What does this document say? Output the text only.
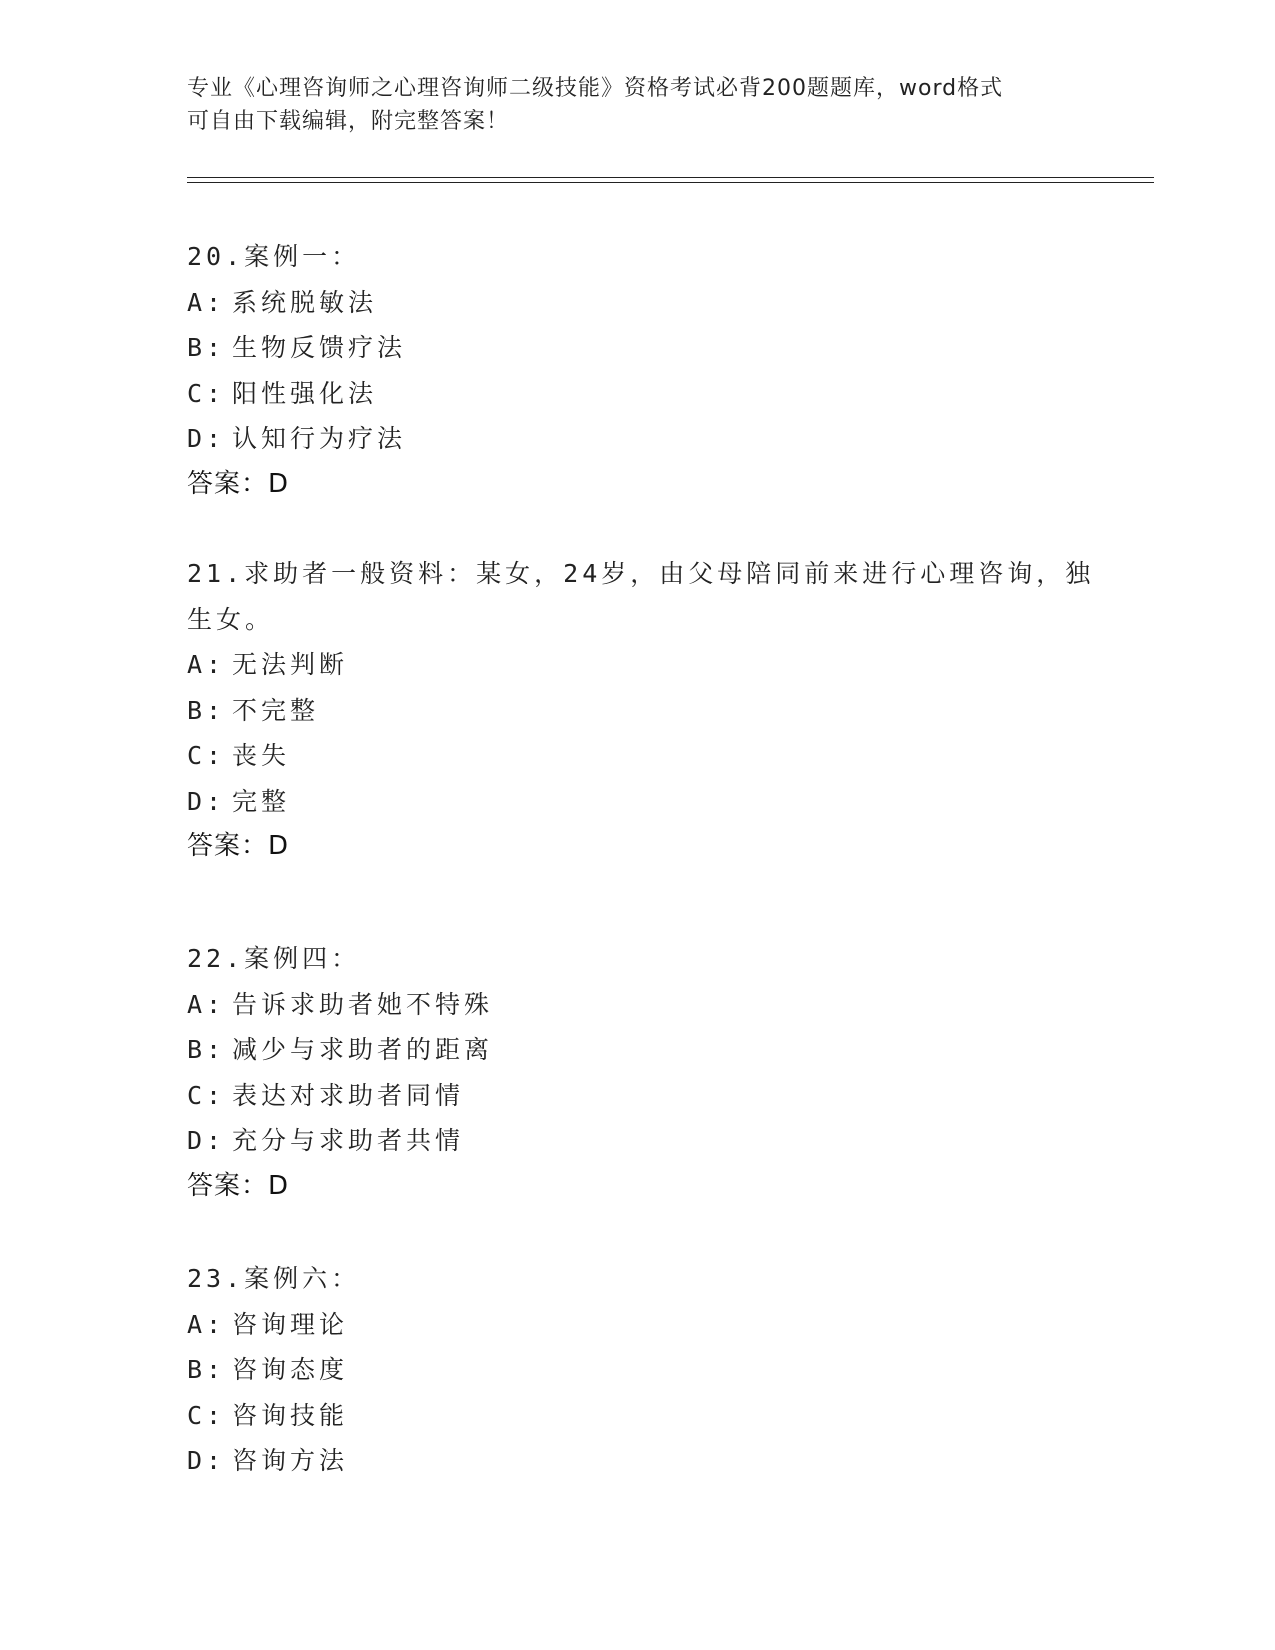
专业《心理咨询师之心理咨询师二级技能》资格考试必背200题题库，word格式
可自由下载编辑，附完整答案！
20.案例一：
A: 系统脱敏法
B: 生物反馈疗法
C: 阳性强化法
D: 认知行为疗法
答案：D
21.求助者一般资料：某女，24岁，由父母陪同前来进行心理咨询，独
生女。
A: 无法判断
B: 不完整
C: 丧失
D: 完整
答案：D
22.案例四：
A: 告诉求助者她不特殊
B: 减少与求助者的距离
C: 表达对求助者同情
D: 充分与求助者共情
答案：D
23.案例六：
A: 咨询理论
B: 咨询态度
C: 咨询技能
D: 咨询方法
